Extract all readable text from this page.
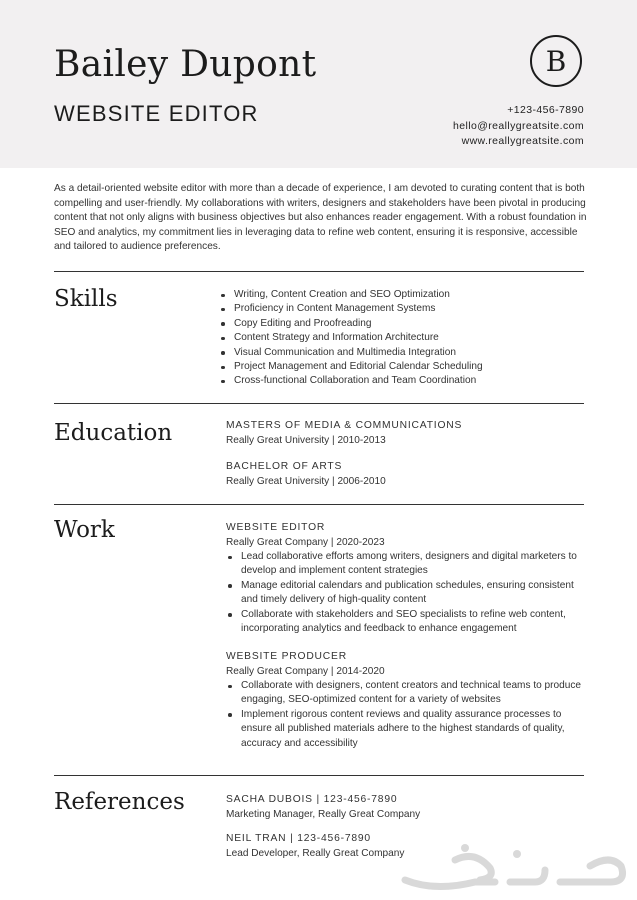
Bailey Dupont
WEBSITE EDITOR
B
+123-456-7890
hello@reallygreatsite.com
www.reallygreatsite.com

As a detail-oriented website editor with more than a decade of experience, I am devoted to curating content that is both compelling and user-friendly. My collaborations with writers, designers and stakeholders have been pivotal in producing content that not only aligns with business objectives but also enhances reader engagement. With a robust foundation in SEO and analytics, my commitment lies in leveraging data to refine web content, ensuring it is responsive, accessible and tailored to audience preferences.

Skills	Writing, Content Creation and SEO Optimization
Proficiency in Content Management Systems
Copy Editing and Proofreading
Content Strategy and Information Architecture
Visual Communication and Multimedia Integration
Project Management and Editorial Calendar Scheduling
Cross-functional Collaboration and Team Coordination
Education	MASTERS OF MEDIA & COMMUNICATIONS
Really Great University | 2010-2013
BACHELOR OF ARTS
Really Great University | 2006-2010
Work	WEBSITE EDITOR
Really Great Company | 2020-2023
Lead collaborative efforts among writers, designers and digital marketers to develop and implement content strategies
Manage editorial calendars and publication schedules, ensuring consistent and timely delivery of high-quality content
Collaborate with stakeholders and SEO specialists to refine web content, incorporating analytics and feedback to enhance engagement
WEBSITE PRODUCER
Really Great Company | 2014-2020
Collaborate with designers, content creators and technical teams to produce engaging, SEO-optimized content for a variety of websites
Implement rigorous content reviews and quality assurance processes to ensure all published materials adhere to the highest standards of quality, accuracy and accessibility
References	SACHA DUBOIS | 123-456-7890
Marketing Manager, Really Great Company
NEIL TRAN | 123-456-7890
Lead Developer, Really Great Company
